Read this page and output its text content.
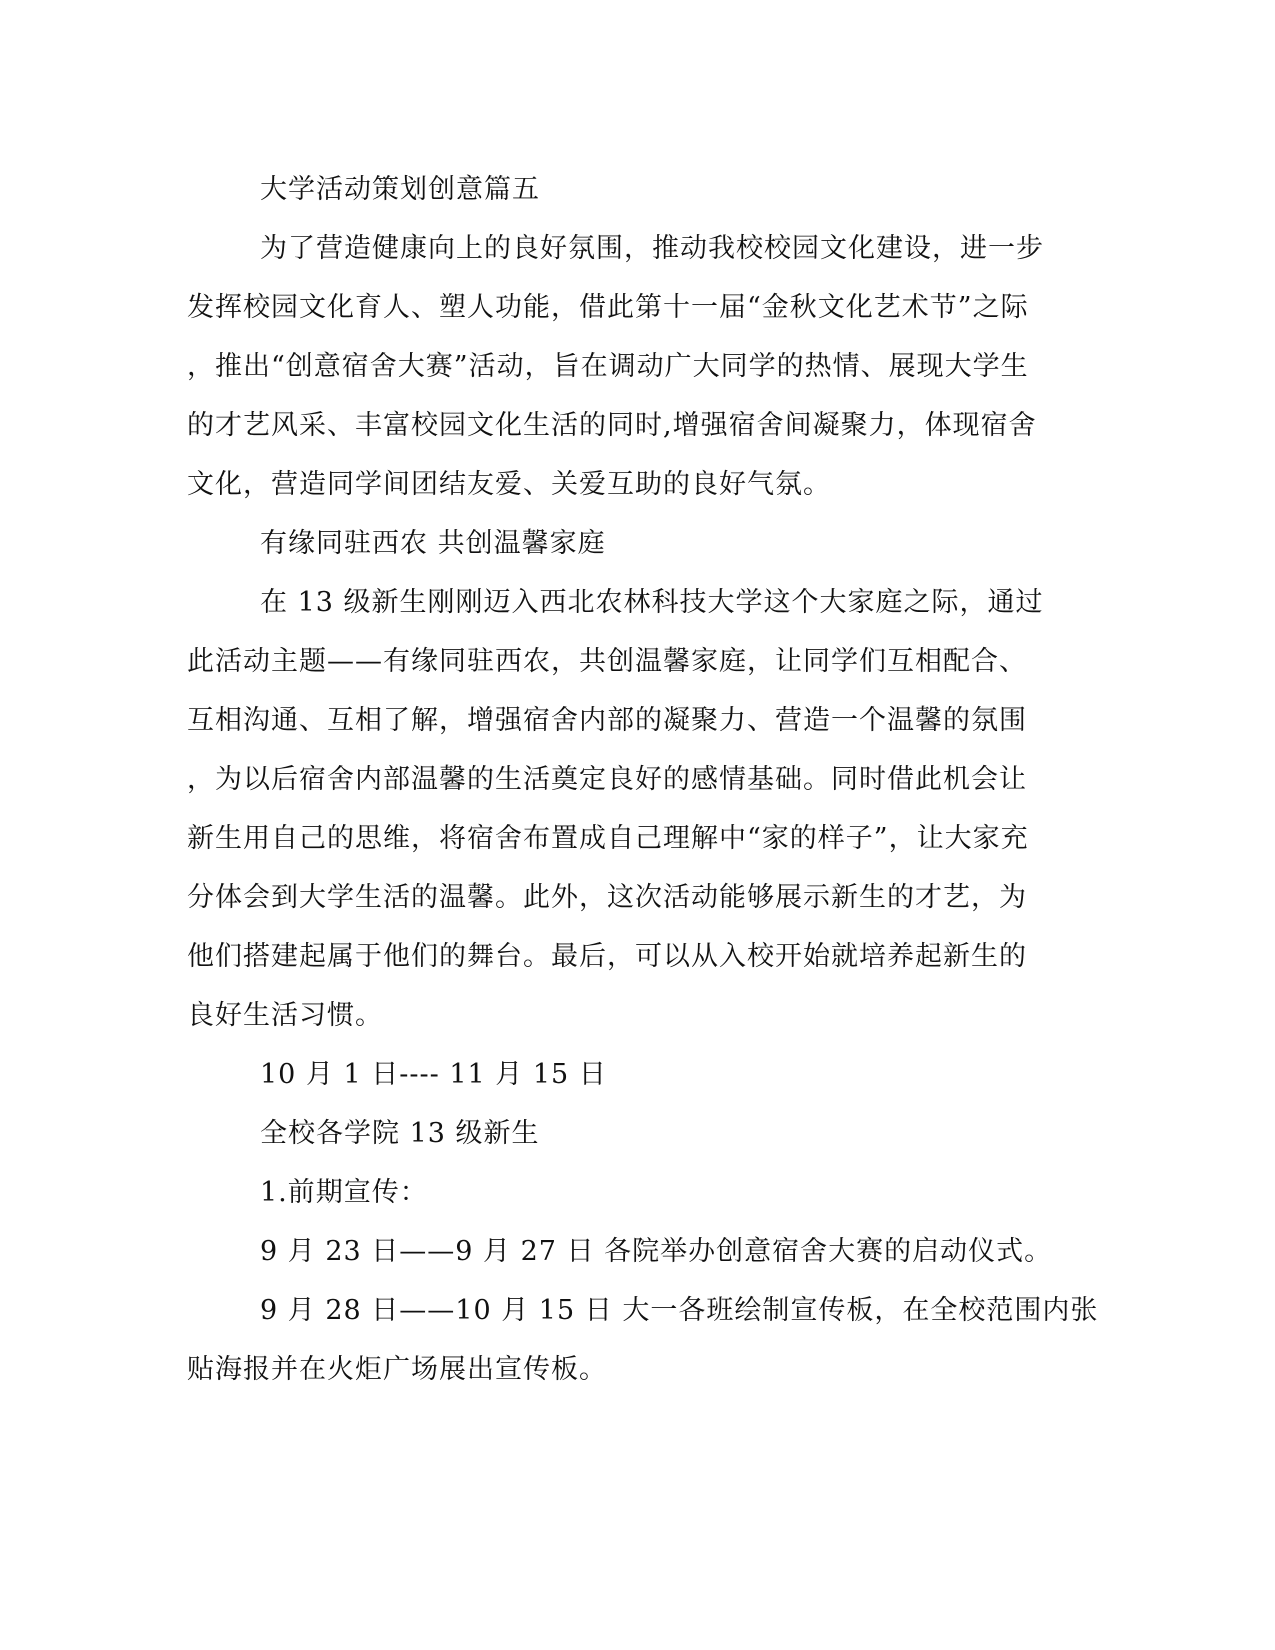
大学活动策划创意篇五

为了营造健康向上的良好氛围，推动我校校园文化建设，进一步

发挥校园文化育人、塑人功能，借此第十一届“金秋文化艺术节”之际

，推出“创意宿舍大赛”活动，旨在调动广大同学的热情、展现大学生

的才艺风采、丰富校园文化生活的同时,增强宿舍间凝聚力，体现宿舍

文化，营造同学间团结友爱、关爱互助的良好气氛。

有缘同驻西农 共创温馨家庭

在 13 级新生刚刚迈入西北农林科技大学这个大家庭之际，通过

此活动主题——有缘同驻西农，共创温馨家庭，让同学们互相配合、

互相沟通、互相了解，增强宿舍内部的凝聚力、营造一个温馨的氛围

，为以后宿舍内部温馨的生活奠定良好的感情基础。同时借此机会让

新生用自己的思维，将宿舍布置成自己理解中“家的样子”，让大家充

分体会到大学生活的温馨。此外，这次活动能够展示新生的才艺，为

他们搭建起属于他们的舞台。最后，可以从入校开始就培养起新生的

良好生活习惯。

10 月 1 日---- 11 月 15 日

全校各学院 13 级新生

1.前期宣传：

9 月 23 日——9 月 27 日 各院举办创意宿舍大赛的启动仪式。

9 月 28 日——10 月 15 日 大一各班绘制宣传板，在全校范围内张

贴海报并在火炬广场展出宣传板。
